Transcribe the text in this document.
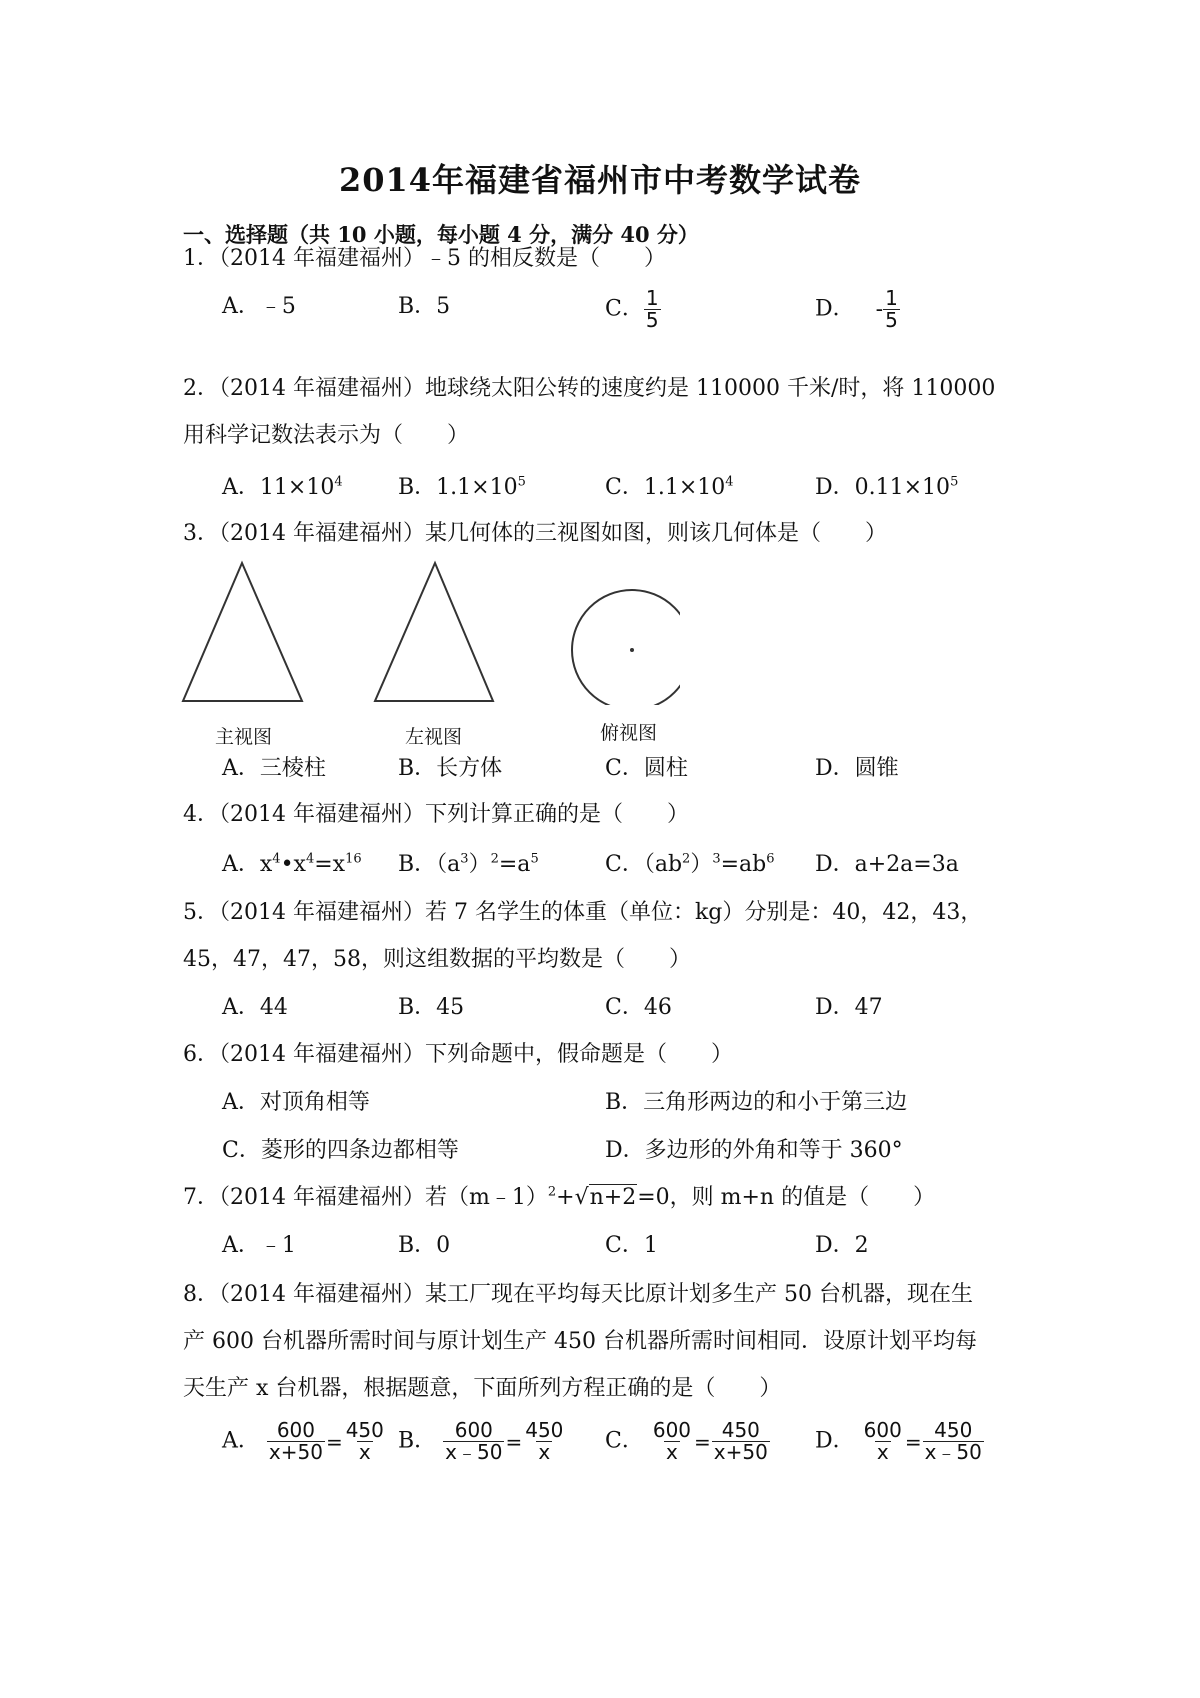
2014年福建省福州市中考数学试卷
一、选择题（共 10 小题，每小题 4 分，满分 40 分）
1．（2014 年福建福州）﹣5 的相反数是（　　）
A．﹣5	B．5	C． $\frac{1}{5}$	D． - $\frac{1}{5}$
2．（2014 年福建福州）地球绕太阳公转的速度约是 110000 千米/时，将 110000
用科学记数法表示为（　　）
A．$11\times 10^4$	B．$1.1\times 10^5$	C．$1.1\times 10^4$	D．$0.11\times 10^5$
3．（2014 年福建福州）某几何体的三视图如图，则该几何体是（　　）
主视图	左视图	俯视图
A．三棱柱	B．长方体	C．圆柱	D．圆锥
4．（2014 年福建福州）下列计算正确的是（　　）
A．$x^4•x^4=x^{16}$ B．$(a^3)^2=a^5$	C．$(ab^2)^3=ab^6$ D．a+2a=3a
5．（2014 年福建福州）若 7 名学生的体重（单位：kg）分别是：40，42，43，
45，47，47，58，则这组数据的平均数是（　　）
A．44	B．45	C．46	D．47
6．（2014 年福建福州）下列命题中，假命题是（　　）
A．对顶角相等	B．三角形两边的和小于第三边
C．菱形的四条边都相等	D．多边形的外角和等于 360°
7．（2014 年福建福州）若（m﹣1）$^2$+√n+2=0，则 m+n 的值是（　　）
A．﹣1	B．0	C．1	D．2
8．（2014 年福建福州）某工厂现在平均每天比原计划多生产 50 台机器，现在生
产 600 台机器所需时间与原计划生产 450 台机器所需时间相同．设原计划平均每
天生产 x 台机器，根据题意，下面所列方程正确的是（　　）
A． $\frac{600}{x+50} = \frac{450}{x}$ B． $\frac{600}{x﹣50} = \frac{450}{x}$ C． $\frac{600}{x} = \frac{450}{x+50}$ D． $\frac{600}{x} = \frac{450}{x﹣50}$
